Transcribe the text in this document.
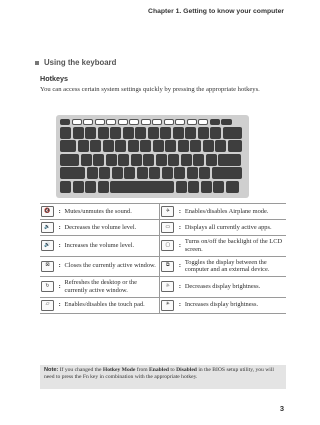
Chapter 1. Getting to know your computer
Using the keyboard
Hotkeys
You can access certain system settings quickly by pressing the appropriate hotkeys.
🔇	:	Mutes/unmutes the sound.	✈	:	Enables/disables Airplane mode.

🔉	:	Decreases the volume level.	▭	:	Displays all currently active apps.

🔊	:	Increases the volume level.	▢	:	Turns on/off the backlight of the LCD screen.

⊠	:	Closes the currently active window.	⧉	:	Toggles the display between the computer and an external device.

↻	:	Refreshes the desktop or the currently active window.	☼	:	Decreases display brightness.

▱	:	Enables/disables the touch pad.	☀	:	Increases display brightness.
Note: If you changed the Hotkey Mode from Enabled to Disabled in the BIOS setup utility, you will need to press the Fn key in combination with the appropriate hotkey.
3
